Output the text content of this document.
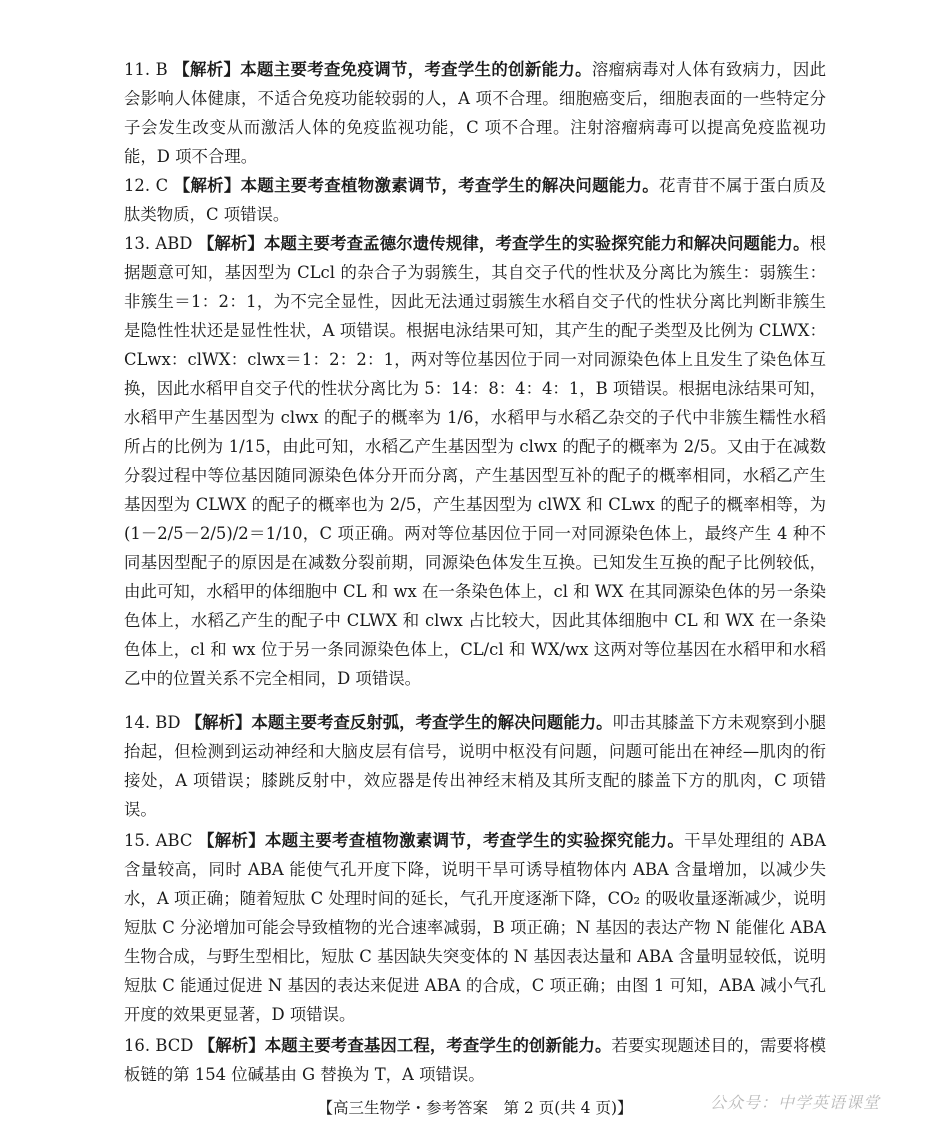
11. B 【解析】本题主要考查免疫调节，考查学生的创新能力。溶瘤病毒对人体有致病力，因此会影响人体健康，不适合免疫功能较弱的人，A 项不合理。细胞癌变后，细胞表面的一些特定分子会发生改变从而激活人体的免疫监视功能，C 项不合理。注射溶瘤病毒可以提高免疫监视功能，D 项不合理。

12. C 【解析】本题主要考查植物激素调节，考查学生的解决问题能力。花青苷不属于蛋白质及肽类物质，C 项错误。

13. ABD 【解析】本题主要考查孟德尔遗传规律，考查学生的实验探究能力和解决问题能力。根据题意可知，基因型为 CLcl 的杂合子为弱簇生，其自交子代的性状及分离比为簇生：弱簇生：非簇生＝1：2：1，为不完全显性，因此无法通过弱簇生水稻自交子代的性状分离比判断非簇生是隐性性状还是显性性状，A 项错误。根据电泳结果可知，其产生的配子类型及比例为 CLWX：CLwx：clWX：clwx＝1：2：2：1，两对等位基因位于同一对同源染色体上且发生了染色体互换，因此水稻甲自交子代的性状分离比为 5：14：8：4：4：1，B 项错误。根据电泳结果可知，水稻甲产生基因型为 clwx 的配子的概率为 1/6，水稻甲与水稻乙杂交的子代中非簇生糯性水稻所占的比例为 1/15，由此可知，水稻乙产生基因型为 clwx 的配子的概率为 2/5。又由于在减数分裂过程中等位基因随同源染色体分开而分离，产生基因型互补的配子的概率相同，水稻乙产生基因型为 CLWX 的配子的概率也为 2/5，产生基因型为 clWX 和 CLwx 的配子的概率相等，为(1－2/5－2/5)/2＝1/10，C 项正确。两对等位基因位于同一对同源染色体上，最终产生 4 种不同基因型配子的原因是在减数分裂前期，同源染色体发生互换。已知发生互换的配子比例较低，由此可知，水稻甲的体细胞中 CL 和 wx 在一条染色体上，cl 和 WX 在其同源染色体的另一条染色体上，水稻乙产生的配子中 CLWX 和 clwx 占比较大，因此其体细胞中 CL 和 WX 在一条染色体上，cl 和 wx 位于另一条同源染色体上，CL/cl 和 WX/wx 这两对等位基因在水稻甲和水稻乙中的位置关系不完全相同，D 项错误。

14. BD 【解析】本题主要考查反射弧，考查学生的解决问题能力。叩击其膝盖下方未观察到小腿抬起，但检测到运动神经和大脑皮层有信号，说明中枢没有问题，问题可能出在神经—肌肉的衔接处，A 项错误；膝跳反射中，效应器是传出神经末梢及其所支配的膝盖下方的肌肉，C 项错误。

15. ABC 【解析】本题主要考查植物激素调节，考查学生的实验探究能力。干旱处理组的 ABA 含量较高，同时 ABA 能使气孔开度下降，说明干旱可诱导植物体内 ABA 含量增加，以减少失水，A 项正确；随着短肽 C 处理时间的延长，气孔开度逐渐下降，CO₂ 的吸收量逐渐减少，说明短肽 C 分泌增加可能会导致植物的光合速率减弱，B 项正确；N 基因的表达产物 N 能催化 ABA 生物合成，与野生型相比，短肽 C 基因缺失突变体的 N 基因表达量和 ABA 含量明显较低，说明短肽 C 能通过促进 N 基因的表达来促进 ABA 的合成，C 项正确；由图 1 可知，ABA 减小气孔开度的效果更显著，D 项错误。

16. BCD 【解析】本题主要考查基因工程，考查学生的创新能力。若要实现题述目的，需要将模板链的第 154 位碱基由 G 替换为 T，A 项错误。

【高三生物学・参考答案　第 2 页(共 4 页)】	公众号：中学英语课堂
